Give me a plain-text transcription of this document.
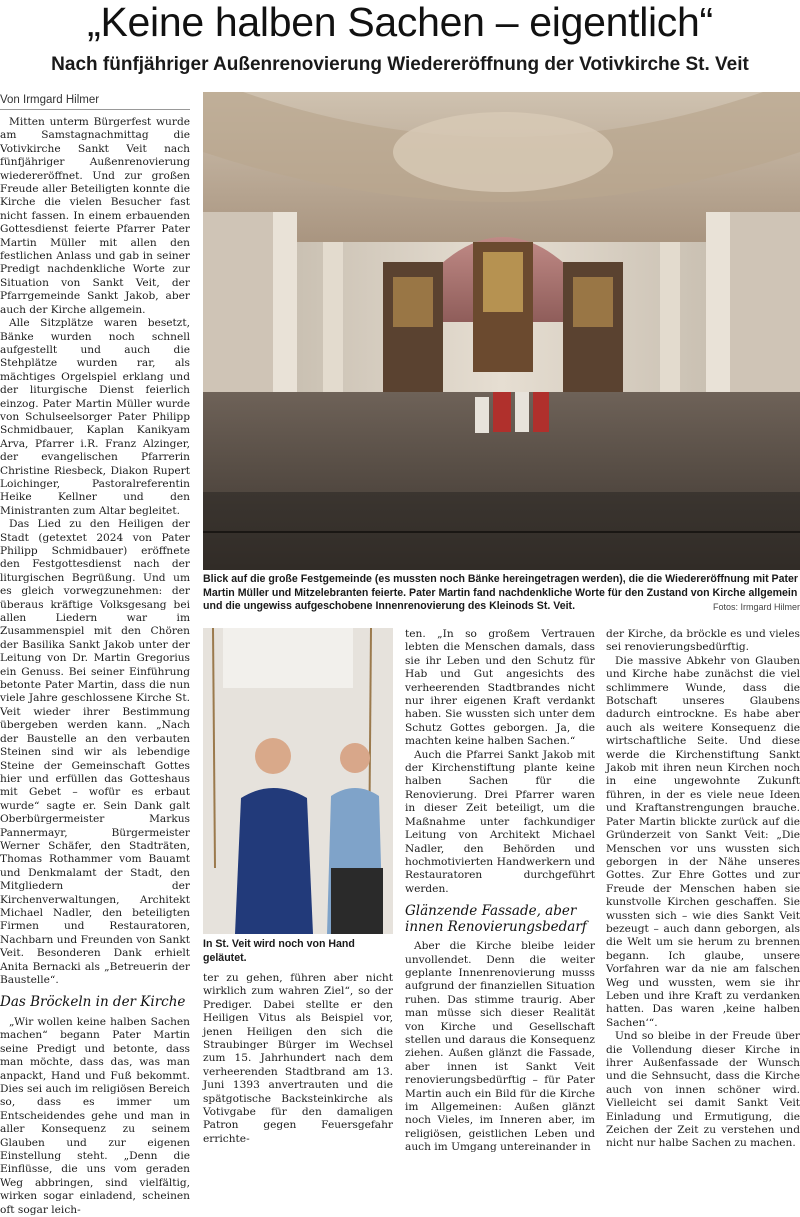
„Keine halben Sachen – eigentlich“
Nach fünfjähriger Außenrenovierung Wiedereröffnung der Votivkirche St. Veit
Von Irmgard Hilmer

Mitten unterm Bürgerfest wurde am Samstagnachmittag die Votivkirche Sankt Veit nach fünfjähriger Außenrenovierung wiedereröffnet. Und zur großen Freude aller Beteiligten konnte die Kirche die vielen Besucher fast nicht fassen. In einem erbauenden Gottesdienst feierte Pfarrer Pater Martin Müller mit allen den festlichen Anlass und gab in seiner Predigt nachdenkliche Worte zur Situation von Sankt Veit, der Pfarrgemeinde Sankt Jakob, aber auch der Kirche allgemein.

Alle Sitzplätze waren besetzt, Bänke wurden noch schnell aufgestellt und auch die Stehplätze wurden rar, als mächtiges Orgelspiel erklang und der liturgische Dienst feierlich einzog. Pater Martin Müller wurde von Schulseelsorger Pater Philipp Schmidbauer, Kaplan Kanikyam Arva, Pfarrer i.R. Franz Alzinger, der evangelischen Pfarrerin Christine Riesbeck, Diakon Rupert Loichinger, Pastoralreferentin Heike Kellner und den Ministranten zum Altar begleitet.

Das Lied zu den Heiligen der Stadt (getextet 2024 von Pater Philipp Schmidbauer) eröffnete den Festgottesdienst nach der liturgischen Begrüßung. Und um es gleich vorwegzunehmen: der überaus kräftige Volksgesang bei allen Liedern war im Zusammenspiel mit den Chören der Basilika Sankt Jakob unter der Leitung von Dr. Martin Gregorius ein Genuss. Bei seiner Einführung betonte Pater Martin, dass die nun viele Jahre geschlossene Kirche St. Veit wieder ihrer Bestimmung übergeben werden kann. „Nach der Baustelle an den verbauten Steinen sind wir als lebendige Steine der Gemeinschaft Gottes hier und erfüllen das Gotteshaus mit Gebet – wofür es erbaut wurde“ sagte er. Sein Dank galt Oberbürgermeister Markus Pannermayr, Bürgermeister Werner Schäfer, den Stadträten, Thomas Rothammer vom Bauamt und Denkmalamt der Stadt, den Mitgliedern der Kirchenverwaltungen, Architekt Michael Nadler, den beteiligten Firmen und Restauratoren, Nachbarn und Freunden von Sankt Veit. Besonderen Dank erhielt Anita Bernacki als „Betreuerin der Baustelle“.

Das Bröckeln in der Kirche

„Wir wollen keine halben Sachen machen“ begann Pater Martin seine Predigt und betonte, dass man möchte, dass das, was man anpackt, Hand und Fuß bekommt. Dies sei auch im religiösen Bereich so, dass es immer um Entscheidendes gehe und man in aller Konsequenz zu seinem Glauben und zur eigenen Einstellung steht. „Denn die Einflüsse, die uns vom geraden Weg abbringen, sind vielfältig, wirken sogar einladend, scheinen oft sogar leich-

Blick auf die große Festgemeinde (es mussten noch Bänke hereingetragen werden), die die Wiedereröffnung mit Pater Martin Müller und Mitzelebranten feierte. Pater Martin fand nachdenkliche Worte für den Zustand von Kirche allgemein und die ungewiss aufgeschobene Innenrenovierung des Kleinods St. Veit.	Fotos: Irmgard Hilmer
In St. Veit wird noch von Hand geläutet.

ter zu gehen, führen aber nicht wirklich zum wahren Ziel“, so der Prediger. Dabei stellte er den Heiligen Vitus als Beispiel vor, jenen Heiligen den sich die Straubinger Bürger im Wechsel zum 15. Jahrhundert nach dem verheerenden Stadtbrand am 13. Juni 1393 anvertrauten und die spätgotische Backsteinkirche als Votivgabe für den damaligen Patron gegen Feuersgefahr errichte-

ten. „In so großem Vertrauen lebten die Menschen damals, dass sie ihr Leben und den Schutz für Hab und Gut angesichts des verheerenden Stadtbrandes nicht nur ihrer eigenen Kraft verdankt haben. Sie wussten sich unter dem Schutz Gottes geborgen. Ja, die machten keine halben Sachen.“

Auch die Pfarrei Sankt Jakob mit der Kirchenstiftung plante keine halben Sachen für die Renovierung. Drei Pfarrer waren in dieser Zeit beteiligt, um die Maßnahme unter fachkundiger Leitung von Architekt Michael Nadler, den Behörden und hochmotivierten Handwerkern und Restauratoren durchgeführt werden.

Glänzende Fassade, aber innen Renovierungsbedarf

Aber die Kirche bleibe leider unvollendet. Denn die weiter geplante Innenrenovierung musss aufgrund der finanziellen Situation ruhen. Das stimme traurig. Aber man müsse sich dieser Realität von Kirche und Gesellschaft stellen und daraus die Konsequenz ziehen. Außen glänzt die Fassade, aber innen ist Sankt Veit renovierungsbedürftig – für Pater Martin auch ein Bild für die Kirche im Allgemeinen: Außen glänzt noch Vieles, im Inneren aber, im religiösen, geistlichen Leben und auch im Umgang untereinander in

der Kirche, da bröckle es und vieles sei renovierungsbedürftig.

Die massive Abkehr von Glauben und Kirche habe zunächst die viel schlimmere Wunde, dass die Botschaft unseres Glaubens dadurch eintrockne. Es habe aber auch als weitere Konsequenz die wirtschaftliche Seite. Und diese werde die Kirchenstiftung Sankt Jakob mit ihren neun Kirchen noch in eine ungewohnte Zukunft führen, in der es viele neue Ideen und Kraftanstrengungen brauche. Pater Martin blickte zurück auf die Gründerzeit von Sankt Veit: „Die Menschen vor uns wussten sich geborgen in der Nähe unseres Gottes. Zur Ehre Gottes und zur Freude der Menschen haben sie kunstvolle Kirchen geschaffen. Sie wussten sich – wie dies Sankt Veit bezeugt – auch dann geborgen, als die Welt um sie herum zu brennen begann. Ich glaube, unsere Vorfahren war da nie am falschen Weg und wussten, wem sie ihr Leben und ihre Kraft zu verdanken hatten. Das waren ‚keine halben Sachen‘“.

Und so bleibe in der Freude über die Vollendung dieser Kirche in ihrer Außenfassade der Wunsch und die Sehnsucht, dass die Kirche auch von innen schöner wird. Vielleicht sei damit Sankt Veit Einladung und Ermutigung, die Zeichen der Zeit zu verstehen und nicht nur halbe Sachen zu machen.
